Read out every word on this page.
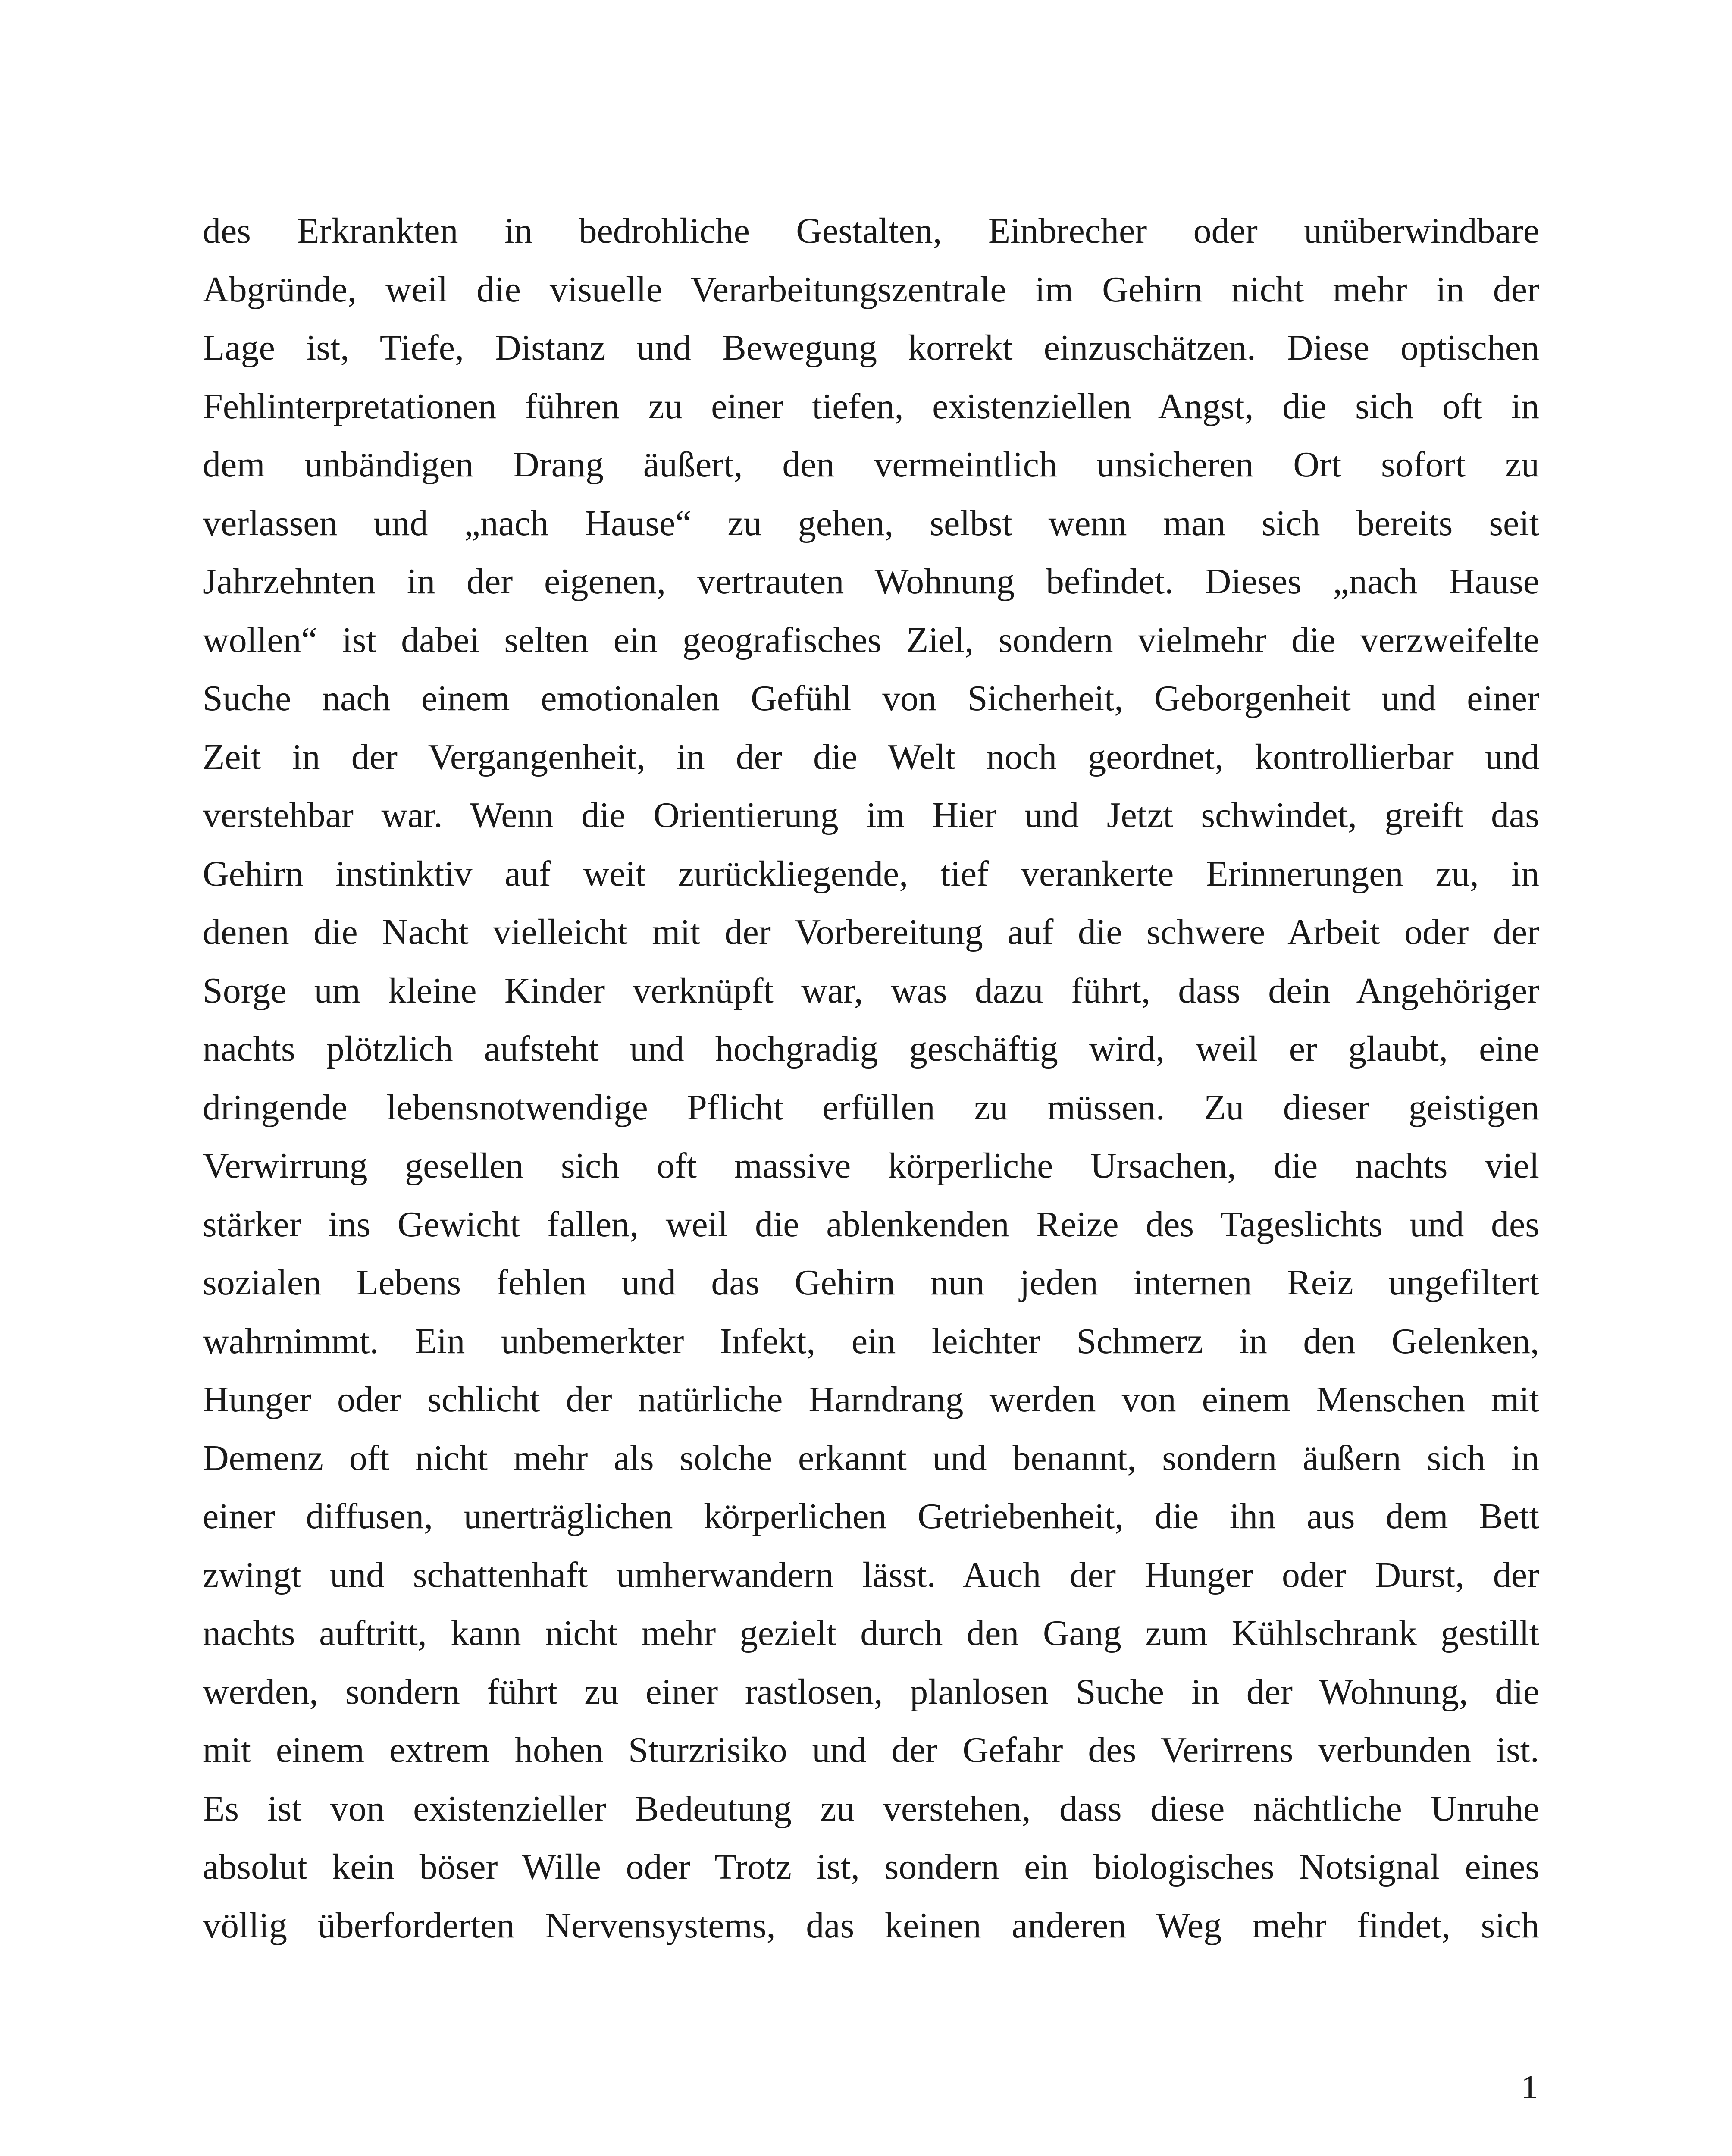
des Erkrankten in bedrohliche Gestalten, Einbrecher oder unüberwindbare
Abgründe, weil die visuelle Verarbeitungszentrale im Gehirn nicht mehr in der
Lage ist, Tiefe, Distanz und Bewegung korrekt einzuschätzen. Diese optischen
Fehlinterpretationen führen zu einer tiefen, existenziellen Angst, die sich oft in
dem unbändigen Drang äußert, den vermeintlich unsicheren Ort sofort zu
verlassen und „nach Hause“ zu gehen, selbst wenn man sich bereits seit
Jahrzehnten in der eigenen, vertrauten Wohnung befindet. Dieses „nach Hause
wollen“ ist dabei selten ein geografisches Ziel, sondern vielmehr die verzweifelte
Suche nach einem emotionalen Gefühl von Sicherheit, Geborgenheit und einer
Zeit in der Vergangenheit, in der die Welt noch geordnet, kontrollierbar und
verstehbar war. Wenn die Orientierung im Hier und Jetzt schwindet, greift das
Gehirn instinktiv auf weit zurückliegende, tief verankerte Erinnerungen zu, in
denen die Nacht vielleicht mit der Vorbereitung auf die schwere Arbeit oder der
Sorge um kleine Kinder verknüpft war, was dazu führt, dass dein Angehöriger
nachts plötzlich aufsteht und hochgradig geschäftig wird, weil er glaubt, eine
dringende lebensnotwendige Pflicht erfüllen zu müssen. Zu dieser geistigen
Verwirrung gesellen sich oft massive körperliche Ursachen, die nachts viel
stärker ins Gewicht fallen, weil die ablenkenden Reize des Tageslichts und des
sozialen Lebens fehlen und das Gehirn nun jeden internen Reiz ungefiltert
wahrnimmt. Ein unbemerkter Infekt, ein leichter Schmerz in den Gelenken,
Hunger oder schlicht der natürliche Harndrang werden von einem Menschen mit
Demenz oft nicht mehr als solche erkannt und benannt, sondern äußern sich in
einer diffusen, unerträglichen körperlichen Getriebenheit, die ihn aus dem Bett
zwingt und schattenhaft umherwandern lässt. Auch der Hunger oder Durst, der
nachts auftritt, kann nicht mehr gezielt durch den Gang zum Kühlschrank gestillt
werden, sondern führt zu einer rastlosen, planlosen Suche in der Wohnung, die
mit einem extrem hohen Sturzrisiko und der Gefahr des Verirrens verbunden ist.
Es ist von existenzieller Bedeutung zu verstehen, dass diese nächtliche Unruhe
absolut kein böser Wille oder Trotz ist, sondern ein biologisches Notsignal eines
völlig überforderten Nervensystems, das keinen anderen Weg mehr findet, sich
1
